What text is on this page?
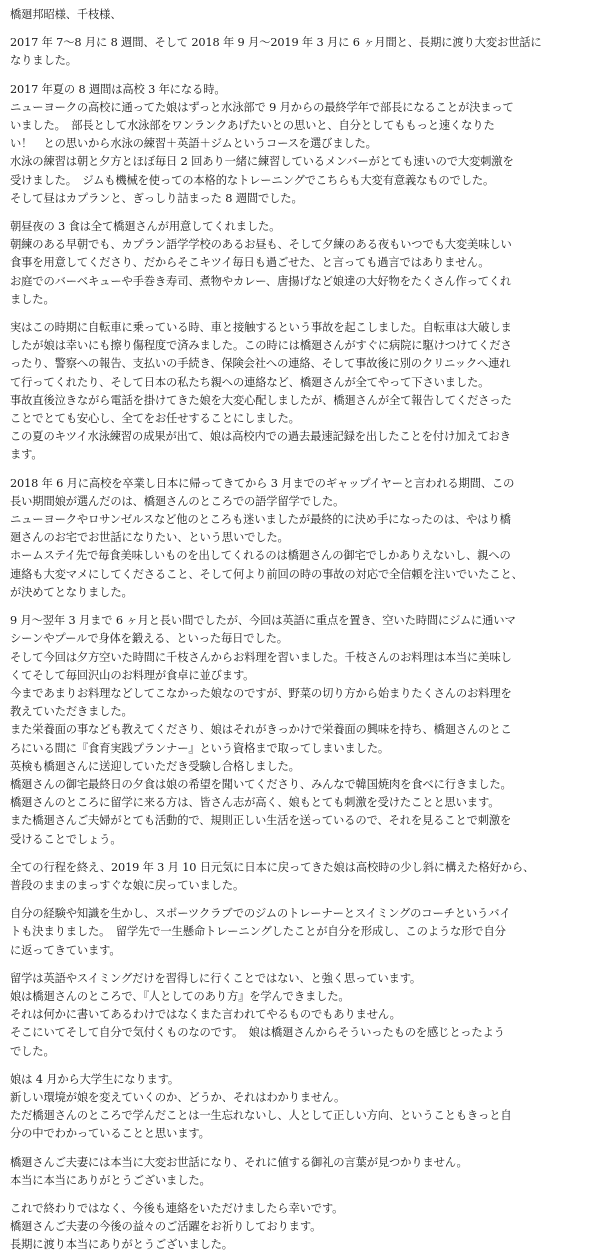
橋廻邦昭様、千枝様、

2017 年 7～8 月に 8 週間、そして 2018 年 9 月～2019 年 3 月に 6 ヶ月間と、長期に渡り大変お世話に
なりました。

2017 年夏の 8 週間は高校 3 年になる時。
ニューヨークの高校に通ってた娘はずっと水泳部で 9 月からの最終学年で部長になることが決まって
いました。　部長として水泳部をワンランクあげたいとの思いと、自分としてももっと速くなりた
い！　との思いから水泳の練習＋英語＋ジムというコースを選びました。
水泳の練習は朝と夕方とほぼ毎日 2 回あり一緒に練習しているメンバーがとても速いので大変刺激を
受けました。　ジムも機械を使っての本格的なトレーニングでこちらも大変有意義なものでした。
そして昼はカプランと、ぎっしり詰まった 8 週間でした。

朝昼夜の 3 食は全て橋廻さんが用意してくれました。
朝練のある早朝でも、カプラン語学学校のあるお昼も、そして夕練のある夜もいつでも大変美味しい
食事を用意してくださり、だからそこキツイ毎日も過ごせた、と言っても過言ではありません。
お庭でのバーベキューや手巻き寿司、煮物やカレー、唐揚げなど娘達の大好物をたくさん作ってくれ
ました。

実はこの時期に自転車に乗っている時、車と接触するという事故を起こしました。自転車は大破しま
したが娘は幸いにも擦り傷程度で済みました。この時には橋廻さんがすぐに病院に駆けつけてくださ
ったり、警察への報告、支払いの手続き、保険会社への連絡、そして事故後に別のクリニックへ連れ
て行ってくれたり、そして日本の私たち親への連絡など、橋廻さんが全てやって下さいました。
事故直後泣きながら電話を掛けてきた娘を大変心配しましたが、橋廻さんが全て報告してくださった
ことでとても安心し、全てをお任せすることにしました。
この夏のキツイ水泳練習の成果が出て、娘は高校内での過去最速記録を出したことを付け加えておき
ます。

2018 年 6 月に高校を卒業し日本に帰ってきてから 3 月までのギャップイヤーと言われる期間、この
長い期間娘が選んだのは、橋廻さんのところでの語学留学でした。
ニューヨークやロサンゼルスなど他のところも迷いましたが最終的に決め手になったのは、やはり橋
廻さんのお宅でお世話になりたい、という思いでした。
ホームステイ先で毎食美味しいものを出してくれるのは橋廻さんの御宅でしかありえないし、親への
連絡も大変マメにしてくださること、そして何より前回の時の事故の対応で全信頼を注いでいたこと、
が決めてとなりました。

9 月～翌年 3 月まで 6 ヶ月と長い間でしたが、今回は英語に重点を置き、空いた時間にジムに通いマ
シーンやプールで身体を鍛える、といった毎日でした。
そして今回は夕方空いた時間に千枝さんからお料理を習いました。千枝さんのお料理は本当に美味し
くてそして毎回沢山のお料理が食卓に並びます。
今まであまりお料理などしてこなかった娘なのですが、野菜の切り方から始まりたくさんのお料理を
教えていただきました。
また栄養面の事なども教えてくださり、娘はそれがきっかけで栄養面の興味を持ち、橋廻さんのとこ
ろにいる間に『食育実践プランナー』という資格まで取ってしまいました。
英検も橋廻さんに送迎していただき受験し合格しました。
橋廻さんの御宅最終日の夕食は娘の希望を聞いてくださり、みんなで韓国焼肉を食べに行きました。
橋廻さんのところに留学に来る方は、皆さん志が高く、娘もとても刺激を受けたことと思います。
また橋廻さんご夫婦がとても活動的で、規則正しい生活を送っているので、それを見ることで刺激を
受けることでしょう。

全ての行程を終え、2019 年 3 月 10 日元気に日本に戻ってきた娘は高校時の少し斜に構えた格好から、
普段のままのまっすぐな娘に戻っていました。

自分の経験や知識を生かし、スポーツクラブでのジムのトレーナーとスイミングのコーチというバイ
トも決まりました。　留学先で一生懸命トレーニングしたことが自分を形成し、このような形で自分
に返ってきています。

留学は英語やスイミングだけを習得しに行くことではない、と強く思っています。
娘は橋廻さんのところで、『人としてのあり方』を学んできました。
それは何かに書いてあるわけではなくまた言われてやるものでもありません。
そこにいてそして自分で気付くものなのです。　娘は橋廻さんからそういったものを感じとったよう
でした。

娘は 4 月から大学生になります。
新しい環境が娘を変えていくのか、どうか、それはわかりません。
ただ橋廻さんのところで学んだことは一生忘れないし、人として正しい方向、ということもきっと自
分の中でわかっていることと思います。

橋廻さんご夫妻には本当に大変お世話になり、それに値する御礼の言葉が見つかりません。
本当に本当にありがとうございました。

これで終わりではなく、今後も連絡をいただけましたら幸いです。
橋廻さんご夫妻の今後の益々のご活躍をお祈りしております。
長期に渡り本当にありがとうございました。
